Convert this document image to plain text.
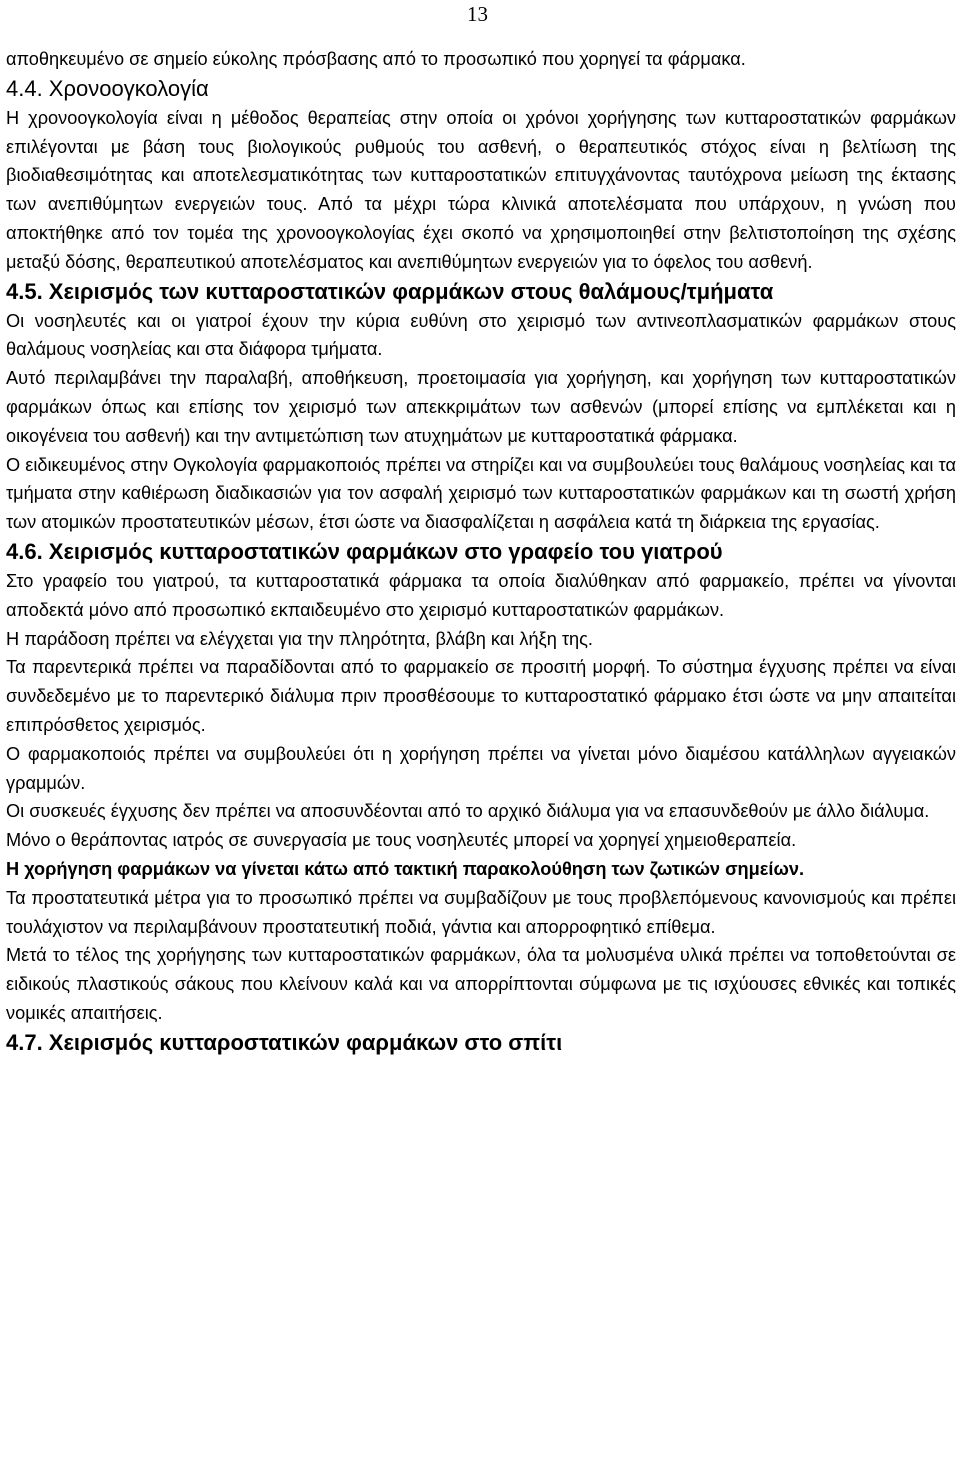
13

αποθηκευμένο σε σημείο εύκολης πρόσβασης από το προσωπικό που χορηγεί τα φάρμακα.

4.4. Χρονοογκολογία

Η χρονοογκολογία είναι η μέθοδος θεραπείας στην οποία οι χρόνοι χορήγησης των κυτταροστατικών φαρμάκων επιλέγονται με βάση τους βιολογικούς ρυθμούς του ασθενή, ο θεραπευτικός στόχος είναι η βελτίωση της βιοδιαθεσιμότητας και αποτελεσματικότητας των κυτταροστατικών επιτυγχάνοντας ταυτόχρονα μείωση της έκτασης των ανεπιθύμητων ενεργειών τους. Από τα μέχρι τώρα κλινικά αποτελέσματα που υπάρχουν, η γνώση που αποκτήθηκε από τον τομέα της χρονοογκολογίας έχει σκοπό να χρησιμοποιηθεί στην βελτιστοποίηση της σχέσης μεταξύ δόσης, θεραπευτικού αποτελέσματος και ανεπιθύμητων ενεργειών για το όφελος του ασθενή.

4.5. Χειρισμός των κυτταροστατικών φαρμάκων στους θαλάμους/τμήματα

Οι νοσηλευτές και οι γιατροί έχουν την κύρια ευθύνη στο χειρισμό των αντινεοπλασματικών φαρμάκων στους θαλάμους νοσηλείας και στα διάφορα τμήματα.

Αυτό περιλαμβάνει την παραλαβή, αποθήκευση, προετοιμασία για χορήγηση, και χορήγηση των κυτταροστατικών φαρμάκων όπως και επίσης τον χειρισμό των απεκκριμάτων των ασθενών (μπορεί επίσης να εμπλέκεται και η οικογένεια του ασθενή) και την αντιμετώπιση των ατυχημάτων με κυτταροστατικά φάρμακα.

Ο ειδικευμένος στην Ογκολογία φαρμακοποιός πρέπει να στηρίζει και να συμβουλεύει τους θαλάμους νοσηλείας και τα τμήματα στην καθιέρωση διαδικασιών για τον ασφαλή χειρισμό των κυτταροστατικών φαρμάκων και τη σωστή χρήση των ατομικών προστατευτικών μέσων, έτσι ώστε να διασφαλίζεται η ασφάλεια κατά τη διάρκεια της εργασίας.

4.6. Χειρισμός κυτταροστατικών φαρμάκων στο γραφείο του γιατρού

Στο γραφείο του γιατρού, τα κυτταροστατικά φάρμακα τα οποία διαλύθηκαν από φαρμακείο, πρέπει να γίνονται αποδεκτά μόνο από προσωπικό εκπαιδευμένο στο χειρισμό κυτταροστατικών φαρμάκων.

Η παράδοση πρέπει να ελέγχεται για την πληρότητα, βλάβη και λήξη της.

Τα παρεντερικά πρέπει να παραδίδονται από το φαρμακείο σε προσιτή μορφή. Το σύστημα έγχυσης πρέπει να είναι συνδεδεμένο με το παρεντερικό διάλυμα πριν προσθέσουμε το κυτταροστατικό φάρμακο έτσι ώστε να μην απαιτείται επιπρόσθετος χειρισμός.

Ο φαρμακοποιός πρέπει να συμβουλεύει ότι η χορήγηση πρέπει να γίνεται μόνο διαμέσου κατάλληλων αγγειακών γραμμών.

Οι συσκευές έγχυσης δεν πρέπει να αποσυνδέονται από το αρχικό διάλυμα για να επασυνδεθούν με άλλο διάλυμα.

Μόνο ο θεράποντας ιατρός σε συνεργασία με τους νοσηλευτές μπορεί να χορηγεί χημειοθεραπεία.

Η χορήγηση φαρμάκων να γίνεται κάτω από τακτική παρακολούθηση των ζωτικών σημείων.

Τα προστατευτικά μέτρα για το προσωπικό πρέπει να συμβαδίζουν με τους προβλεπόμενους κανονισμούς και πρέπει τουλάχιστον να περιλαμβάνουν προστατευτική ποδιά, γάντια και απορροφητικό επίθεμα.

Μετά το τέλος της χορήγησης των κυτταροστατικών φαρμάκων, όλα τα μολυσμένα υλικά πρέπει να τοποθετούνται σε ειδικούς πλαστικούς σάκους που κλείνουν καλά και να απορρίπτονται σύμφωνα με τις ισχύουσες εθνικές και τοπικές νομικές απαιτήσεις.

4.7. Χειρισμός κυτταροστατικών φαρμάκων στο σπίτι
